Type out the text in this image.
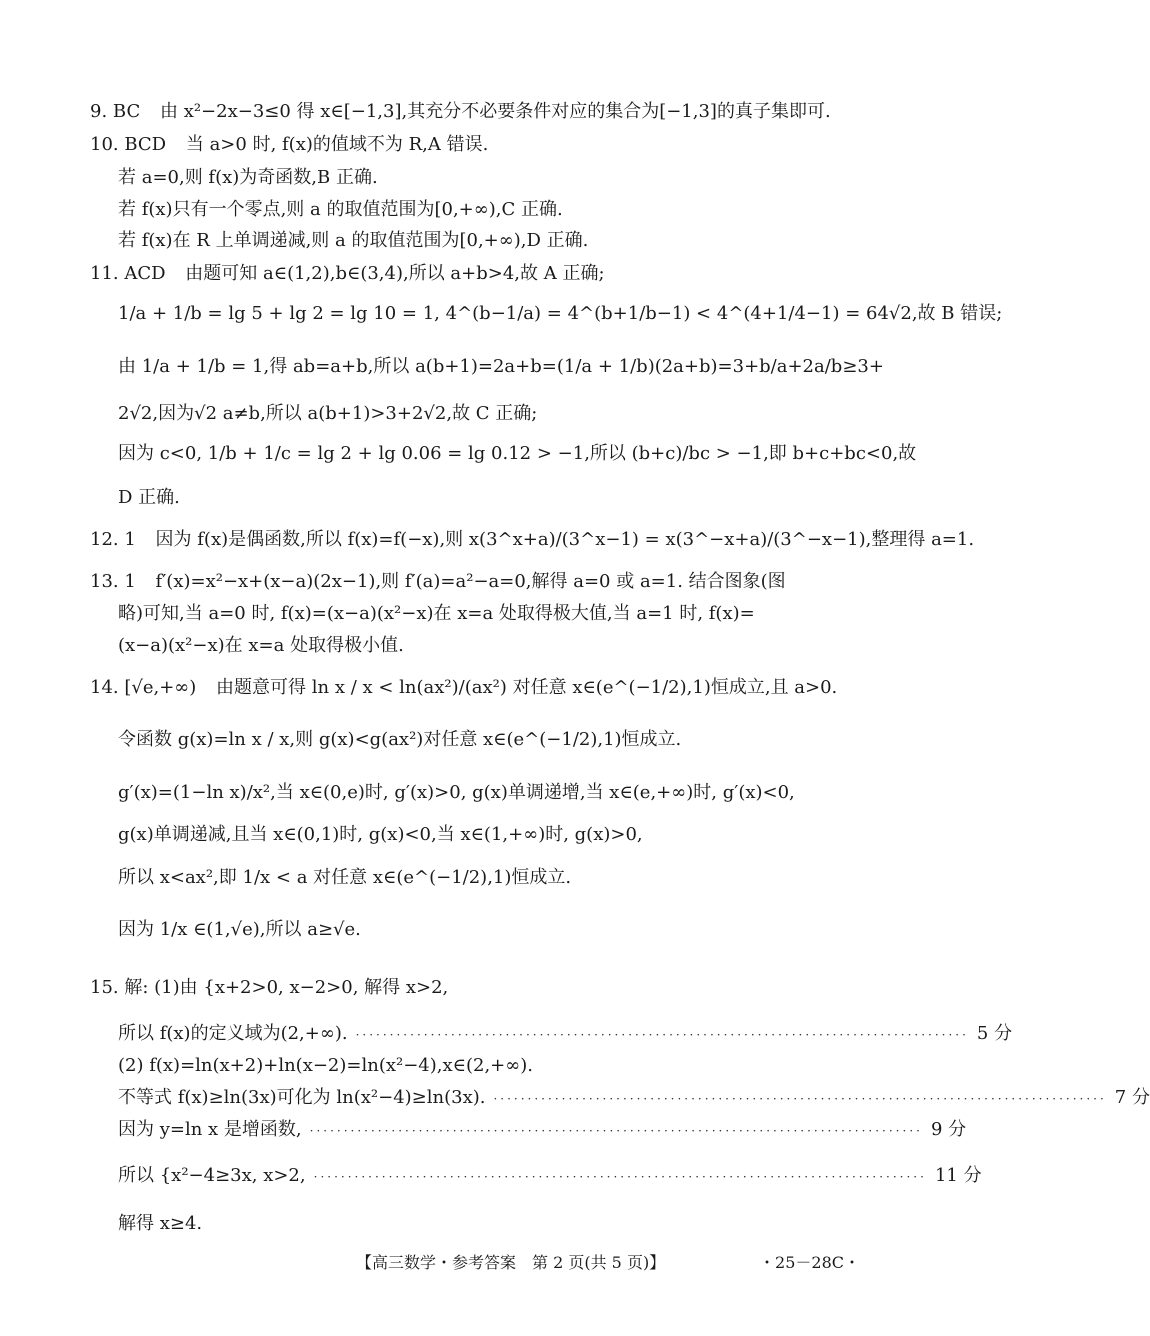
9. BC 由 x²−2x−3≤0 得 x∈[−1,3],其充分不必要条件对应的集合为[−1,3]的真子集即可.
10. BCD 当 a>0 时, f(x)的值域不为 R,A 错误.
若 a=0,则 f(x)为奇函数,B 正确.
若 f(x)只有一个零点,则 a 的取值范围为[0,+∞),C 正确.
若 f(x)在 R 上单调递减,则 a 的取值范围为[0,+∞),D 正确.
11. ACD 由题可知 a∈(1,2),b∈(3,4),所以 a+b>4,故 A 正确;
1/a + 1/b = lg 5 + lg 2 = lg 10 = 1, 4^(b−1/a) = 4^(b+1/b−1) < 4^(4+1/4−1) = 64√2,故 B 错误;
由 1/a + 1/b = 1,得 ab=a+b,所以 a(b+1)=2a+b=(1/a + 1/b)(2a+b)=3+b/a+2a/b≥3+
2√2,因为√2 a≠b,所以 a(b+1)>3+2√2,故 C 正确;
因为 c<0, 1/b + 1/c = lg 2 + lg 0.06 = lg 0.12 > −1,所以 (b+c)/bc > −1,即 b+c+bc<0,故
D 正确.
12. 1 因为 f(x)是偶函数,所以 f(x)=f(−x),则 x(3^x+a)/(3^x−1) = x(3^−x+a)/(3^−x−1),整理得 a=1.
13. 1 f′(x)=x²−x+(x−a)(2x−1),则 f′(a)=a²−a=0,解得 a=0 或 a=1. 结合图象(图
略)可知,当 a=0 时, f(x)=(x−a)(x²−x)在 x=a 处取得极大值,当 a=1 时, f(x)=
(x−a)(x²−x)在 x=a 处取得极小值.
14. [√e,+∞) 由题意可得 ln x / x < ln(ax²)/(ax²) 对任意 x∈(e^(−1/2),1)恒成立,且 a>0.
令函数 g(x)=ln x / x,则 g(x)<g(ax²)对任意 x∈(e^(−1/2),1)恒成立.
g′(x)=(1−ln x)/x²,当 x∈(0,e)时, g′(x)>0, g(x)单调递增,当 x∈(e,+∞)时, g′(x)<0,
g(x)单调递减,且当 x∈(0,1)时, g(x)<0,当 x∈(1,+∞)时, g(x)>0,
所以 x<ax²,即 1/x < a 对任意 x∈(e^(−1/2),1)恒成立.
因为 1/x ∈(1,√e),所以 a≥√e.
15. 解: (1)由 {x+2>0, x−2>0, 解得 x>2,
所以 f(x)的定义域为(2,+∞). ·························································································· 5 分
(2) f(x)=ln(x+2)+ln(x−2)=ln(x²−4),x∈(2,+∞).
不等式 f(x)≥ln(3x)可化为 ln(x²−4)≥ln(3x). ·························································································· 7 分
因为 y=ln x 是增函数, ·························································································· 9 分
所以 {x²−4≥3x, x>2, ·························································································· 11 分
解得 x≥4.
【高三数学・参考答案　第 2 页(共 5 页)】	・25－28C・
